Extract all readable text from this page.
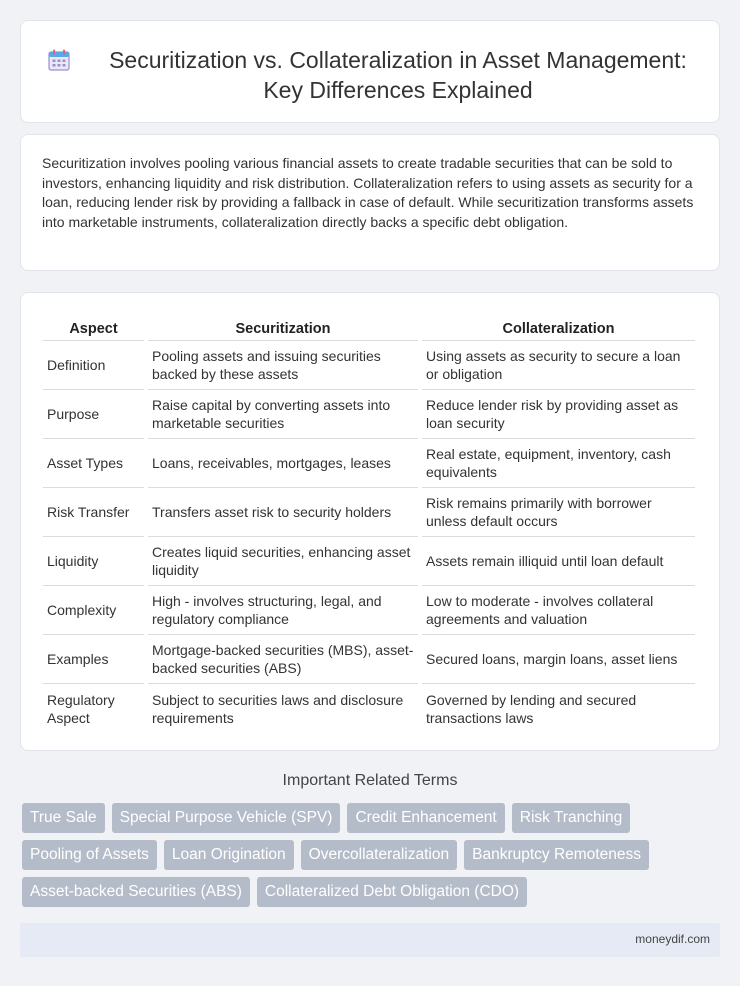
Securitization vs. Collateralization in Asset Management: Key Differences Explained

Securitization involves pooling various financial assets to create tradable securities that can be sold to investors, enhancing liquidity and risk distribution. Collateralization refers to using assets as security for a loan, reducing lender risk by providing a fallback in case of default. While securitization transforms assets into marketable instruments, collateralization directly backs a specific debt obligation.

Aspect	Securitization	Collateralization
Definition	Pooling assets and issuing securities backed by these assets	Using assets as security to secure a loan or obligation
Purpose	Raise capital by converting assets into marketable securities	Reduce lender risk by providing asset as loan security
Asset Types	Loans, receivables, mortgages, leases	Real estate, equipment, inventory, cash equivalents
Risk Transfer	Transfers asset risk to security holders	Risk remains primarily with borrower unless default occurs
Liquidity	Creates liquid securities, enhancing asset liquidity	Assets remain illiquid until loan default
Complexity	High - involves structuring, legal, and regulatory compliance	Low to moderate - involves collateral agreements and valuation
Examples	Mortgage-backed securities (MBS), asset-backed securities (ABS)	Secured loans, margin loans, asset liens
Regulatory Aspect	Subject to securities laws and disclosure requirements	Governed by lending and secured transactions laws
Important Related Terms
True Sale	Special Purpose Vehicle (SPV)	Credit Enhancement	Risk Tranching
Pooling of Assets	Loan Origination	Overcollateralization	Bankruptcy Remoteness
Asset-backed Securities (ABS)	Collateralized Debt Obligation (CDO)
moneydif.com
